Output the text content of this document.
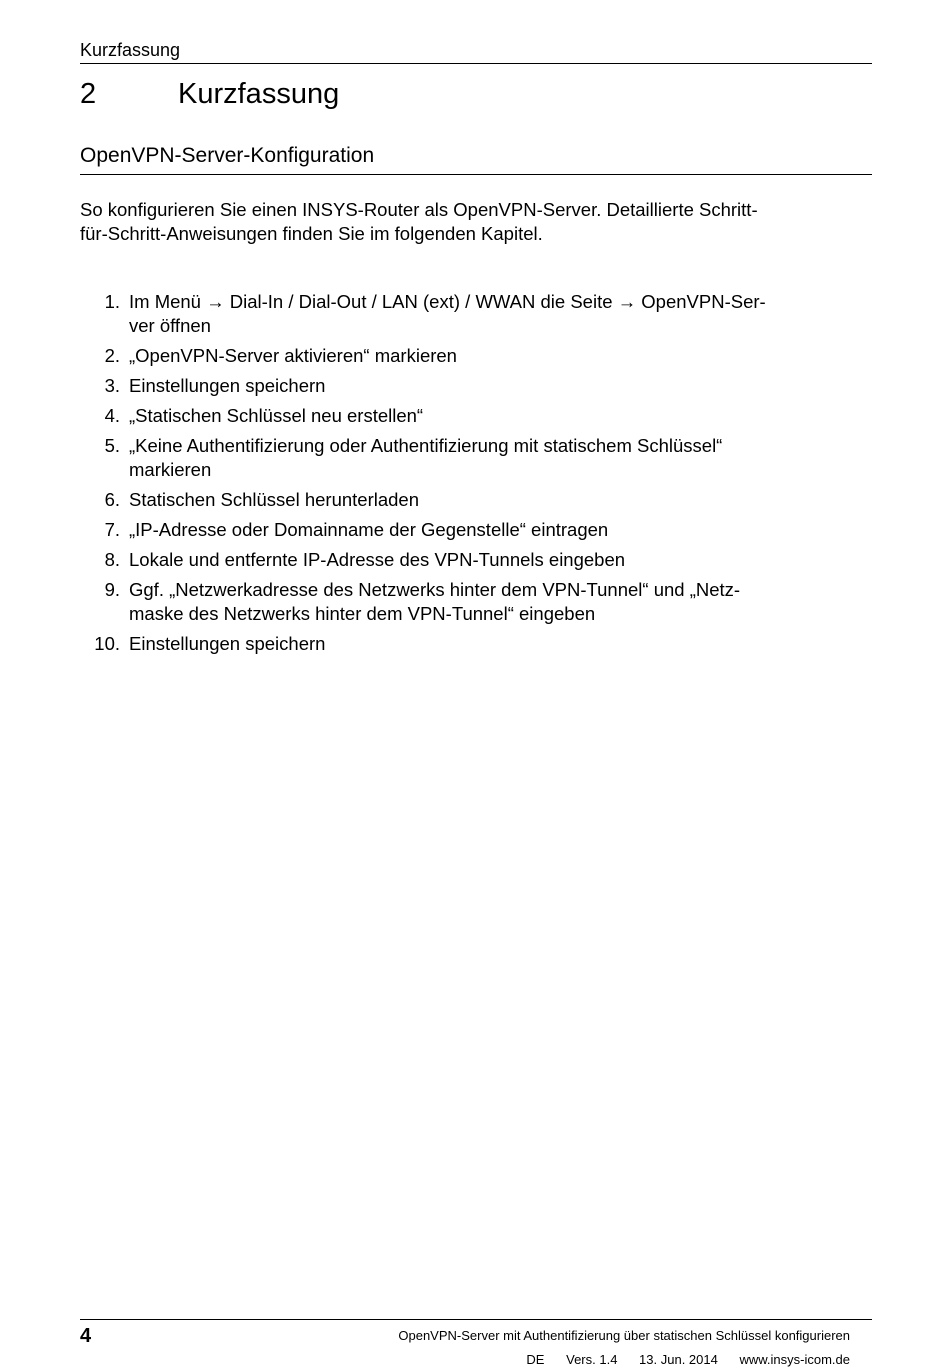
Kurzfassung
2	Kurzfassung
OpenVPN-Server-Konfiguration

So konfigurieren Sie einen INSYS-Router als OpenVPN-Server. Detaillierte Schritt-

für-Schritt-Anweisungen finden Sie im folgenden Kapitel.

1. Im Menü → Dial-In / Dial-Out / LAN (ext) / WWAN die Seite → OpenVPN-Ser-
ver öffnen
2. „OpenVPN-Server aktivieren“ markieren
3. Einstellungen speichern
4. „Statischen Schlüssel neu erstellen“
5. „Keine Authentifizierung oder Authentifizierung mit statischem Schlüssel“
markieren
6. Statischen Schlüssel herunterladen
7. „IP-Adresse oder Domainname der Gegenstelle“ eintragen
8. Lokale und entfernte IP-Adresse des VPN-Tunnels eingeben
9. Ggf. „Netzwerkadresse des Netzwerks hinter dem VPN-Tunnel“ und „Netz-
maske des Netzwerks hinter dem VPN-Tunnel“ eingeben
10. Einstellungen speichern
4	OpenVPN-Server mit Authentifizierung über statischen Schlüssel konfigurieren
DE Vers. 1.4 13. Jun. 2014 www.insys-icom.de
